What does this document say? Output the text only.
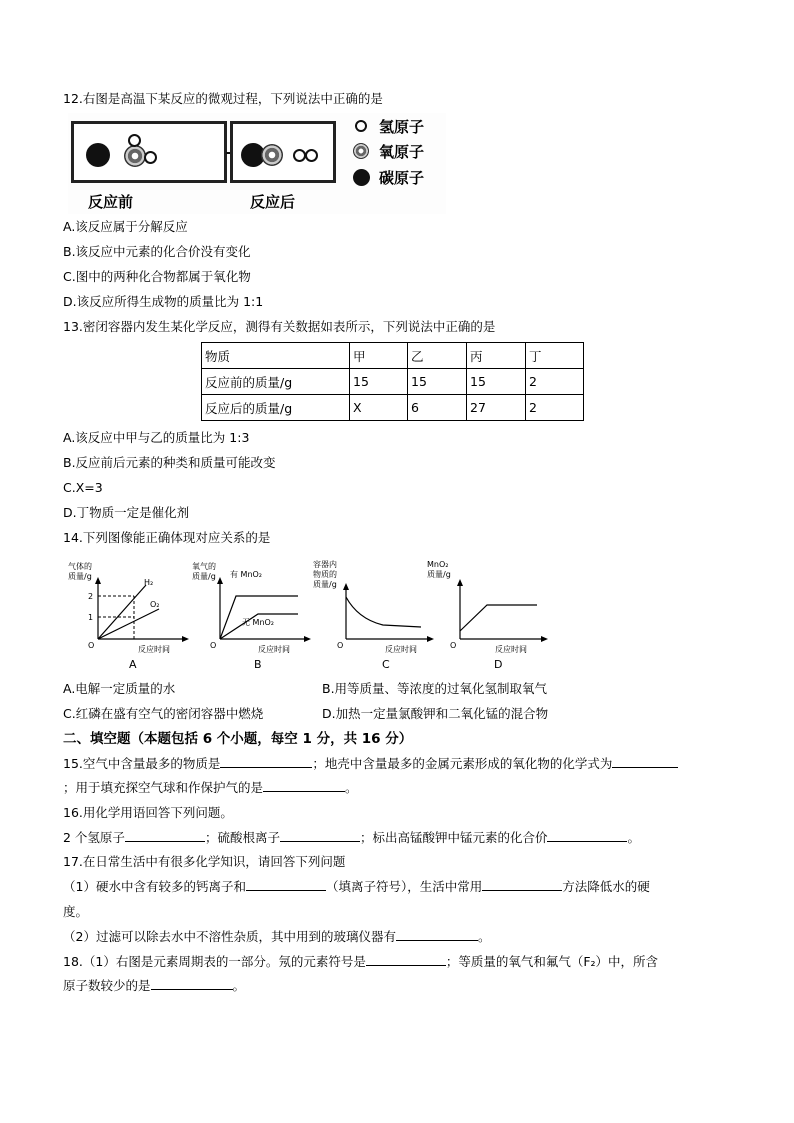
12.右图是高温下某反应的微观过程，下列说法中正确的是
反应前	反应后
氢原子
氧原子
碳原子
A.该反应属于分解反应
B.该反应中元素的化合价没有变化
C.图中的两种化合物都属于氧化物
D.该反应所得生成物的质量比为 1:1
13.密闭容器内发生某化学反应，测得有关数据如表所示，下列说法中正确的是
物质	甲	乙	丙	丁
反应前的质量/g	15	15	15	2
反应后的质量/g	X	6	27	2
A.该反应中甲与乙的质量比为 1:3
B.反应前后元素的种类和质量可能改变
C.X=3
D.丁物质一定是催化剂
14.下列图像能正确体现对应关系的是
气体的
质量/g
O
2
1
H₂
O₂
反应时间
A
氧气的
质量/g
O
有 MnO₂
无 MnO₂
反应时间
B
容器内
物质的
质量/g
O	反应时间
C
MnO₂
质量/g
O	反应时间
D
A.电解一定质量的水	B.用等质量、等浓度的过氧化氢制取氧气
C.红磷在盛有空气的密闭容器中燃烧	D.加热一定量氯酸钾和二氧化锰的混合物
二、填空题（本题包括 6 个小题，每空 1 分，共 16 分）
15.空气中含量最多的物质是	；地壳中含量最多的金属元素形成的氧化物的化学式为
；用于填充探空气球和作保护气的是	。
16.用化学用语回答下列问题。
2 个氢原子	；硫酸根离子	；标出高锰酸钾中锰元素的化合价	。
17.在日常生活中有很多化学知识，请回答下列问题
（1）硬水中含有较多的钙离子和	（填离子符号），生活中常用	方法降低水的硬
度。
（2）过滤可以除去水中不溶性杂质，其中用到的玻璃仪器有	。
18.（1）右图是元素周期表的一部分。氖的元素符号是	；等质量的氧气和氟气（F₂）中，所含
原子数较少的是	。
